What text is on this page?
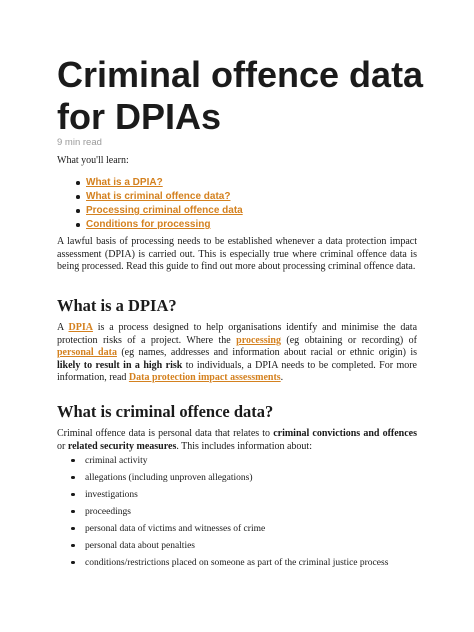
Criminal offence data for DPIAs
9 min read
What you'll learn:
What is a DPIA?
What is criminal offence data?
Processing criminal offence data
Conditions for processing

A lawful basis of processing needs to be established whenever a data protection impact assessment (DPIA) is carried out. This is especially true where criminal offence data is being processed. Read this guide to find out more about processing criminal offence data.

What is a DPIA?

A DPIA is a process designed to help organisations identify and minimise the data protection risks of a project. Where the processing (eg obtaining or recording) of personal data (eg names, addresses and information about racial or ethnic origin) is likely to result in a high risk to individuals, a DPIA needs to be completed. For more information, read Data protection impact assessments.

What is criminal offence data?

Criminal offence data is personal data that relates to criminal convictions and offences or related security measures. This includes information about:

criminal activity
allegations (including unproven allegations)
investigations
proceedings
personal data of victims and witnesses of crime
personal data about penalties
conditions/restrictions placed on someone as part of the criminal justice process
